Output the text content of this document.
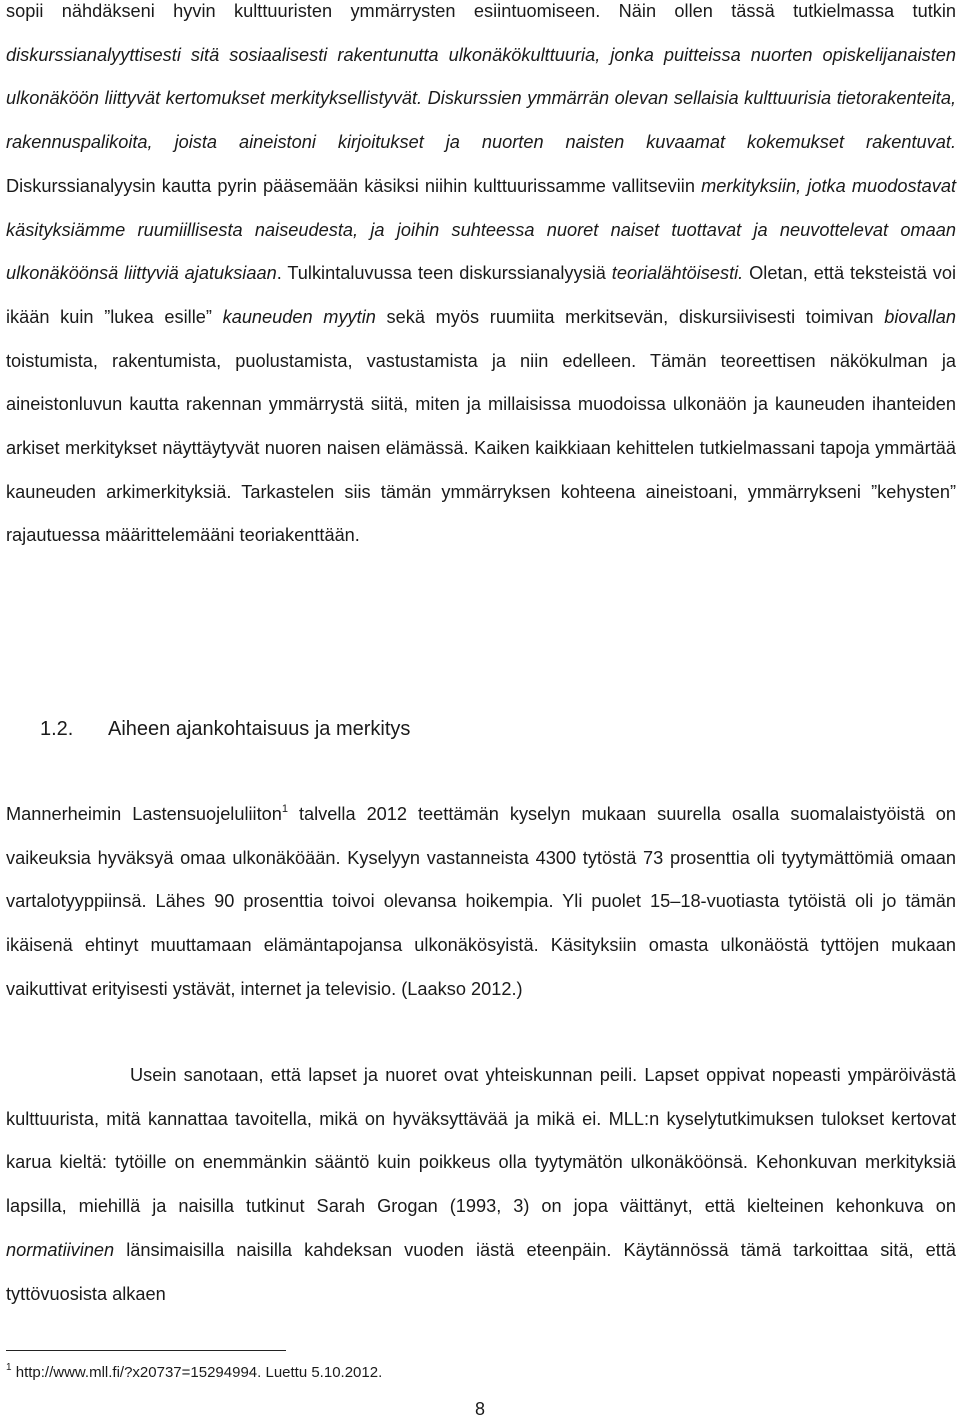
sopii nähdäkseni hyvin kulttuuristen ymmärrysten esiintuomiseen. Näin ollen tässä tutkielmassa tutkin diskurssianalyyttisesti sitä sosiaalisesti rakentunutta ulkonäkökulttuuria, jonka puitteissa nuorten opiskelijanaisten ulkonäköön liittyvät kertomukset merkityksellistyvät. Diskurssien ymmärrän olevan sellaisia kulttuurisia tietorakenteita, rakennuspalikoita, joista aineistoni kirjoitukset ja nuorten naisten kuvaamat kokemukset rakentuvat. Diskurssianalyysin kautta pyrin pääsemään käsiksi niihin kulttuurissamme vallitseviin merkityksiin, jotka muodostavat käsityksiämme ruumiillisesta naiseudesta, ja joihin suhteessa nuoret naiset tuottavat ja neuvottelevat omaan ulkonäköönsä liittyviä ajatuksiaan. Tulkintaluvussa teen diskurssianalyysiä teorialähtöisesti. Oletan, että tekstеistä voi ikään kuin ”lukea esille” kauneuden myytin sekä myös ruumiita merkitsevän, diskursiivisesti toimivan biovallan toistumista, rakentumista, puolustamista, vastustamista ja niin edelleen. Tämän teoreettisen näkökulman ja aineistonluvun kautta rakennan ymmärrystä siitä, miten ja millaisissa muodoissa ulkonäön ja kauneuden ihanteiden arkiset merkitykset näyttäytyvät nuoren naisen elämässä. Kaiken kaikkiaan kehittelen tutkielmassani tapoja ymmärtää kauneuden arkimerkityksiä. Tarkastelen siis tämän ymmärryksen kohteena aineistoani, ymmärrykseni ”kehysten” rajautuessa määrittelemääni teoriakenttään.

1.2. Aiheen ajankohtaisuus ja merkitys

Mannerheimin Lastensuojeluliiton$^1$ talvella 2012 teettämän kyselyn mukaan suurella osalla suomalaistyöistä on vaikeuksia hyväksyä omaa ulkonäköään. Kyselyyn vastanneista 4300 tytöstä 73 prosenttia oli tyytymättömiä omaan vartalotyyppiinsä. Lähes 90 prosenttia toivoi olevansa hoikempia. Yli puolet 15–18-vuotiasta tytöistä oli jo tämän ikäisenä ehtinyt muuttamaan elämäntapojansa ulkonäkösyistä. Käsityksiin omasta ulkonäöstä tyttöjen mukaan vaikuttivat erityisesti ystävät, internet ja televisio. (Laakso 2012.)

Usein sanotaan, että lapset ja nuoret ovat yhteiskunnan peili. Lapset oppivat nopeasti ympäröivästä kulttuurista, mitä kannattaa tavoitella, mikä on hyväksyttävää ja mikä ei. MLL:n kyselytutkimuksen tulokset kertovat karua kieltä: tytöille on enemmänkin sääntö kuin poikkeus olla tyytymätön ulkonäköönsä. Kehonkuvan merkityksiä lapsilla, miehillä ja naisilla tutkinut Sarah Grogan (1993, 3) on jopa väittänyt, että kielteinen kehonkuva on normatiivinen länsimaisilla naisilla kahdeksan vuoden iästä eteenpäin. Käytännössä tämä tarkoittaa sitä, että tyttövuosista alkaen

$^1$ http://www.mll.fi/?x20737=15294994. Luettu 5.10.2012.
8
